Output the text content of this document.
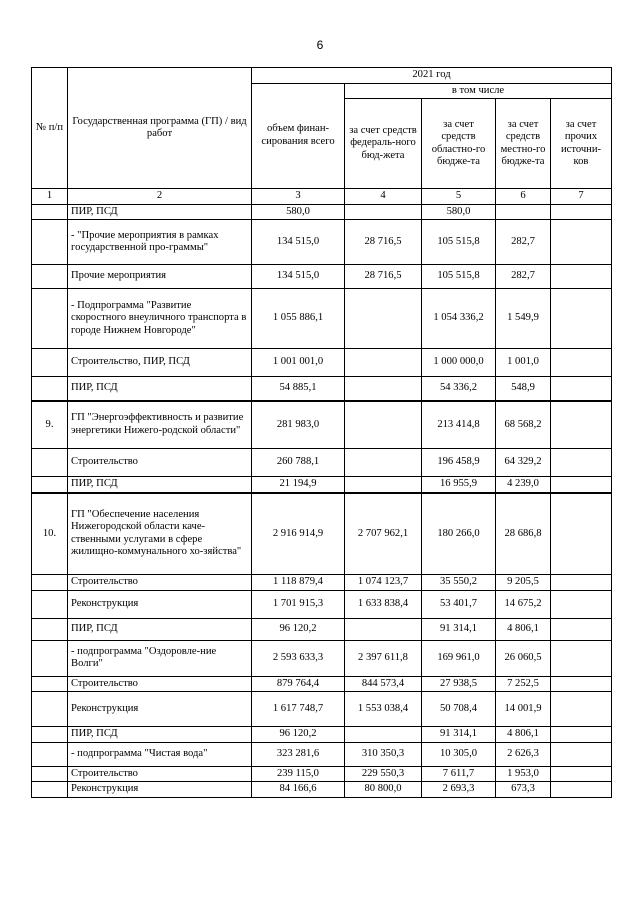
6
№ п/п	Государственная программа (ГП) / вид работ	2021 год				
		объем финан-сирования всего	в том числе			
			за счет средств федераль-ного бюд-жета	за счет средств областно-го бюдже-та	за счет средств местно-го бюдже-та	за счет прочих источни-ков
1	2	3	4	5	6	7
	ПИР, ПСД	580,0		580,0		
	- "Прочие мероприятия в рамках государственной про-граммы"	134 515,0	28 716,5	105 515,8	282,7	
	Прочие мероприятия	134 515,0	28 716,5	105 515,8	282,7	
	- Подпрограмма "Развитие скоростного внеуличного транспорта в городе Нижнем Новгороде"	1 055 886,1		1 054 336,2	1 549,9	
	Строительство, ПИР, ПСД	1 001 001,0		1 000 000,0	1 001,0	
	ПИР, ПСД	54 885,1		54 336,2	548,9	
9.	ГП "Энергоэффективность и развитие энергетики Нижего-родской области"	281 983,0		213 414,8	68 568,2	
	Строительство	260 788,1		196 458,9	64 329,2	
	ПИР, ПСД	21 194,9		16 955,9	4 239,0	
10.	ГП "Обеспечение населения Нижегородской области каче-ственными услугами в сфере жилищно-коммунального хо-зяйства"	2 916 914,9	2 707 962,1	180 266,0	28 686,8	
	Строительство	1 118 879,4	1 074 123,7	35 550,2	9 205,5	
	Реконструкция	1 701 915,3	1 633 838,4	53 401,7	14 675,2	
	ПИР, ПСД	96 120,2		91 314,1	4 806,1	
	- подпрограмма "Оздоровле-ние Волги"	2 593 633,3	2 397 611,8	169 961,0	26 060,5	
	Строительство	879 764,4	844 573,4	27 938,5	7 252,5	
	Реконструкция	1 617 748,7	1 553 038,4	50 708,4	14 001,9	
	ПИР, ПСД	96 120,2		91 314,1	4 806,1	
	- подпрограмма "Чистая вода"	323 281,6	310 350,3	10 305,0	2 626,3	
	Строительство	239 115,0	229 550,3	7 611,7	1 953,0	
	Реконструкция	84 166,6	80 800,0	2 693,3	673,3	
